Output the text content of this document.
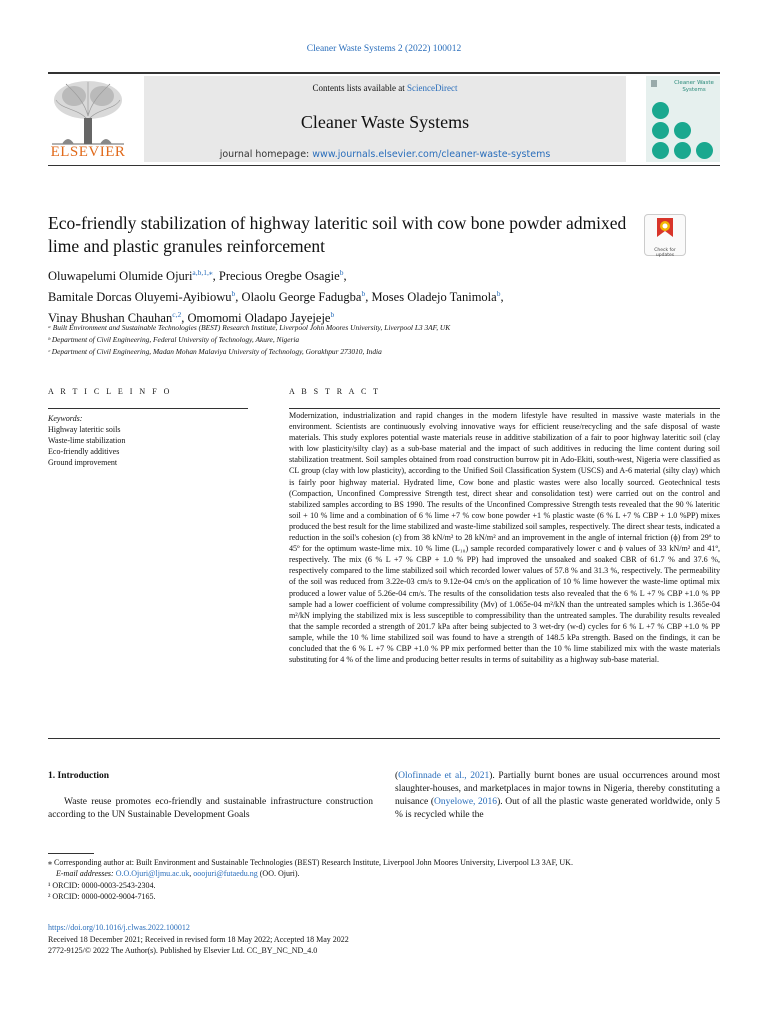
Cleaner Waste Systems 2 (2022) 100012
ELSEVIER
Contents lists available at ScienceDirect
Cleaner Waste Systems
journal homepage: www.journals.elsevier.com/cleaner-waste-systems
Cleaner Waste Systems
Eco-friendly stabilization of highway lateritic soil with cow bone powder admixed lime and plastic granules reinforcement	Check for
updates
Oluwapelumi Olumide Ojuri$^{a,b,1,⁎}$, Precious Oregbe Osagie$^b$,
Bamitale Dorcas Oluyemi-Ayibiowu$^b$, Olaolu George Fadugba$^b$, Moses Oladejo Tanimola$^b$,
Vinay Bhushan Chauhan$^{c,2}$, Omomomi Oladapo Jayejeje$^b$
ᵃ Built Environment and Sustainable Technologies (BEST) Research Institute, Liverpool John Moores University, Liverpool L3 3AF, UK
ᵇ Department of Civil Engineering, Federal University of Technology, Akure, Nigeria
ᶜ Department of Civil Engineering, Madan Mohan Malaviya University of Technology, Gorakhpur 273010, India
A R T I C L E I N F O	A B S T R A C T
Keywords:
Highway lateritic soils
Waste-lime stabilization
Eco-friendly additives
Ground improvement
Modernization, industrialization and rapid changes in the modern lifestyle have resulted in massive waste materials in the environment. Scientists are continuously evolving innovative ways for efficient reuse/recycling and the safe disposal of waste materials. This study explores potential waste materials reuse in additive stabilization of a fair to poor highway lateritic soil (clay with low plasticity/silty clay) as a sub-base material and the impact of such additives in reducing the lime content during soil stabilization treatment. Soil samples obtained from road construction burrow pit in Ado-Ekiti, south-west, Nigeria were classified as CL group (clay with low plasticity), according to the Unified Soil Classification System (USCS) and A-6 material (silty clay) which is fairly poor highway material. Hydrated lime, Cow bone and plastic wastes were also locally sourced. Geotechnical tests (Compaction, Unconfined Compressive Strength test, direct shear and consolidation test) were carried out on the control and stabilized samples according to BS 1990. The results of the Unconfined Compressive Strength tests revealed that the 90 % lateritic soil + 10 % lime and a combination of 6 % lime +7 % cow bone powder +1 % plastic waste (6 % L +7 % CBP + 1.0 %PP) mixes produced the best result for the lime stabilized and waste-lime stabilized soil samples, respectively. The direct shear tests, indicated a reduction in the soil's cohesion (c) from 38 kN/m² to 28 kN/m² and an improvement in the angle of internal friction (ϕ) from 29º to 45º for the optimum waste-lime mix. 10 % lime (L₁₀) sample recorded comparatively lower c and ϕ values of 33 kN/m² and 41º, respectively. The mix (6 % L +7 % CBP + 1.0 % PP) had improved the unsoaked and soaked CBR of 61.7 % and 37.6 %, respectively compared to the lime stabilized soil which recorded lower values of 57.8 % and 31.3 %, respectively. The permeability of the soil was reduced from 3.22e-03 cm/s to 9.12e-04 cm/s on the application of 10 % lime however the waste-lime optimal mix produced a lower value of 5.26e-04 cm/s. The results of the consolidation tests also revealed that the 6 % L +7 % CBP +1.0 % PP sample had a lower coefficient of volume compressibility (Mv) of 1.065e-04 m²/kN than the untreated samples which is 1.365e-04 m²/kN implying the stabilized mix is less susceptible to compressibility than the untreated samples. The durability results revealed that the sample recorded a strength of 201.7 kPa after being subjected to 3 wet-dry (w-d) cycles for 6 % L +7 % CBP +1.0 % PP sample, while the 10 % lime stabilized soil was found to have a strength of 148.5 kPa strength. Based on the findings, it can be concluded that the 6 % L +7 % CBP +1.0 % PP mix performed better than the 10 % lime stabilized mix with the waste materials substituting for 4 % of the lime and producing better results in terms of suitability as a highway sub-base material.
1. Introduction
Waste reuse promotes eco-friendly and sustainable infrastructure construction according to the UN Sustainable Development Goals
(Olofinnade et al., 2021). Partially burnt bones are usual occurrences around most slaughter-houses, and marketplaces in major towns in Nigeria, thereby constituting a nuisance (Onyelowe, 2016). Out of all the plastic waste generated worldwide, only 5 % is recycled while the
⁎ Corresponding author at: Built Environment and Sustainable Technologies (BEST) Research Institute, Liverpool John Moores University, Liverpool L3 3AF, UK.
E-mail addresses: O.O.Ojuri@ljmu.ac.uk, ooojuri@futaedu.ng (OO. Ojuri).
¹ ORCID: 0000-0003-2543-2304.
² ORCID: 0000-0002-9004-7165.
https://doi.org/10.1016/j.clwas.2022.100012
Received 18 December 2021; Received in revised form 18 May 2022; Accepted 18 May 2022
2772-9125/© 2022 The Author(s). Published by Elsevier Ltd. CC_BY_NC_ND_4.0
